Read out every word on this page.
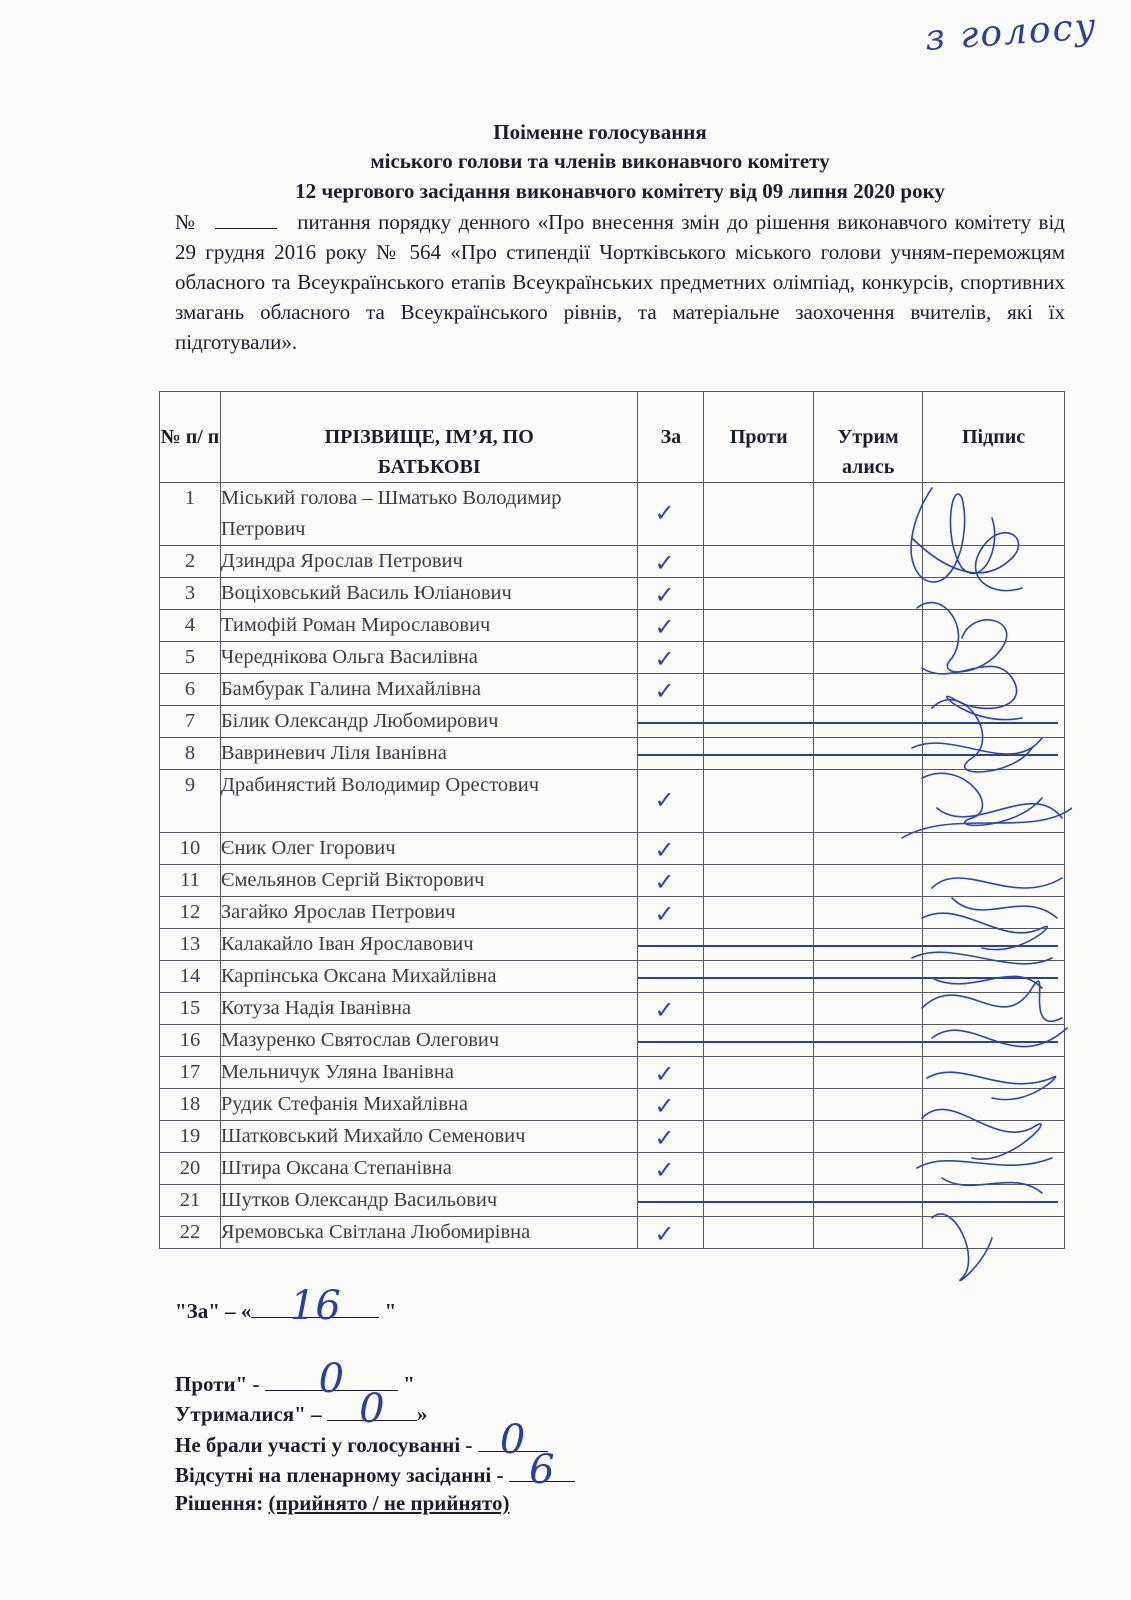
з голосу
Поіменне голосування
міського голови та членів виконавчого комітету
12 чергового засідання виконавчого комітету від 09 липня 2020 року
№	питання порядку денного «Про внесення змін до рішення виконавчого комітету від 29 грудня 2016 року № 564 «Про стипендії Чортківського міського голови учням-переможцям обласного та Всеукраїнського етапів Всеукраїнських предметних олімпіад, конкурсів, спортивних змагань обласного та Всеукраїнського рівнів, та матеріальне заохочення вчителів, які їх підготували».
№ п/ п	ПРІЗВИЩЕ, ІМ’Я, ПО БАТЬКОВІ	За	Проти	Утрим ались	Підпис
1	Міський голова – Шматько Володимир Петрович	✓			

2	Дзиндра Ярослав Петрович	✓			

3	Воціховський Василь Юліанович	✓			

4	Тимофій Роман Мирославович	✓			

5	Череднікова Ольга Василівна	✓			

6	Бамбурак Галина Михайлівна	✓			

7	Білик Олександр Любомирович				
8	Вавриневич Ліля Іванівна				
9	Драбинястий Володимир Орестович	✓			

10	Єник Олег Ігорович	✓			

11	Ємельянов Сергій Вікторович	✓			

12	Загайко Ярослав Петрович	✓			

13	Калакайло Іван Ярославович				
14	Карпінська Оксана Михайлівна				
15	Котуза Надія Іванівна	✓			

16	Мазуренко Святослав Олегович				
17	Мельничук Уляна Іванівна	✓			

18	Рудик Стефанія Михайлівна	✓			

19	Шатковський Михайло Семенович	✓			

20	Штира Оксана Степанівна	✓			

21	Шутков Олександр Васильович				
22	Яремовська Світлана Любомирівна	✓			

"За" – « 16 "
Проти" - 0	"
Утрималися" – 0 »
Не брали участі у голосуванні - 0
Відсутні на пленарному засіданні - 6
Рішення: (прийнято / не прийнято)
